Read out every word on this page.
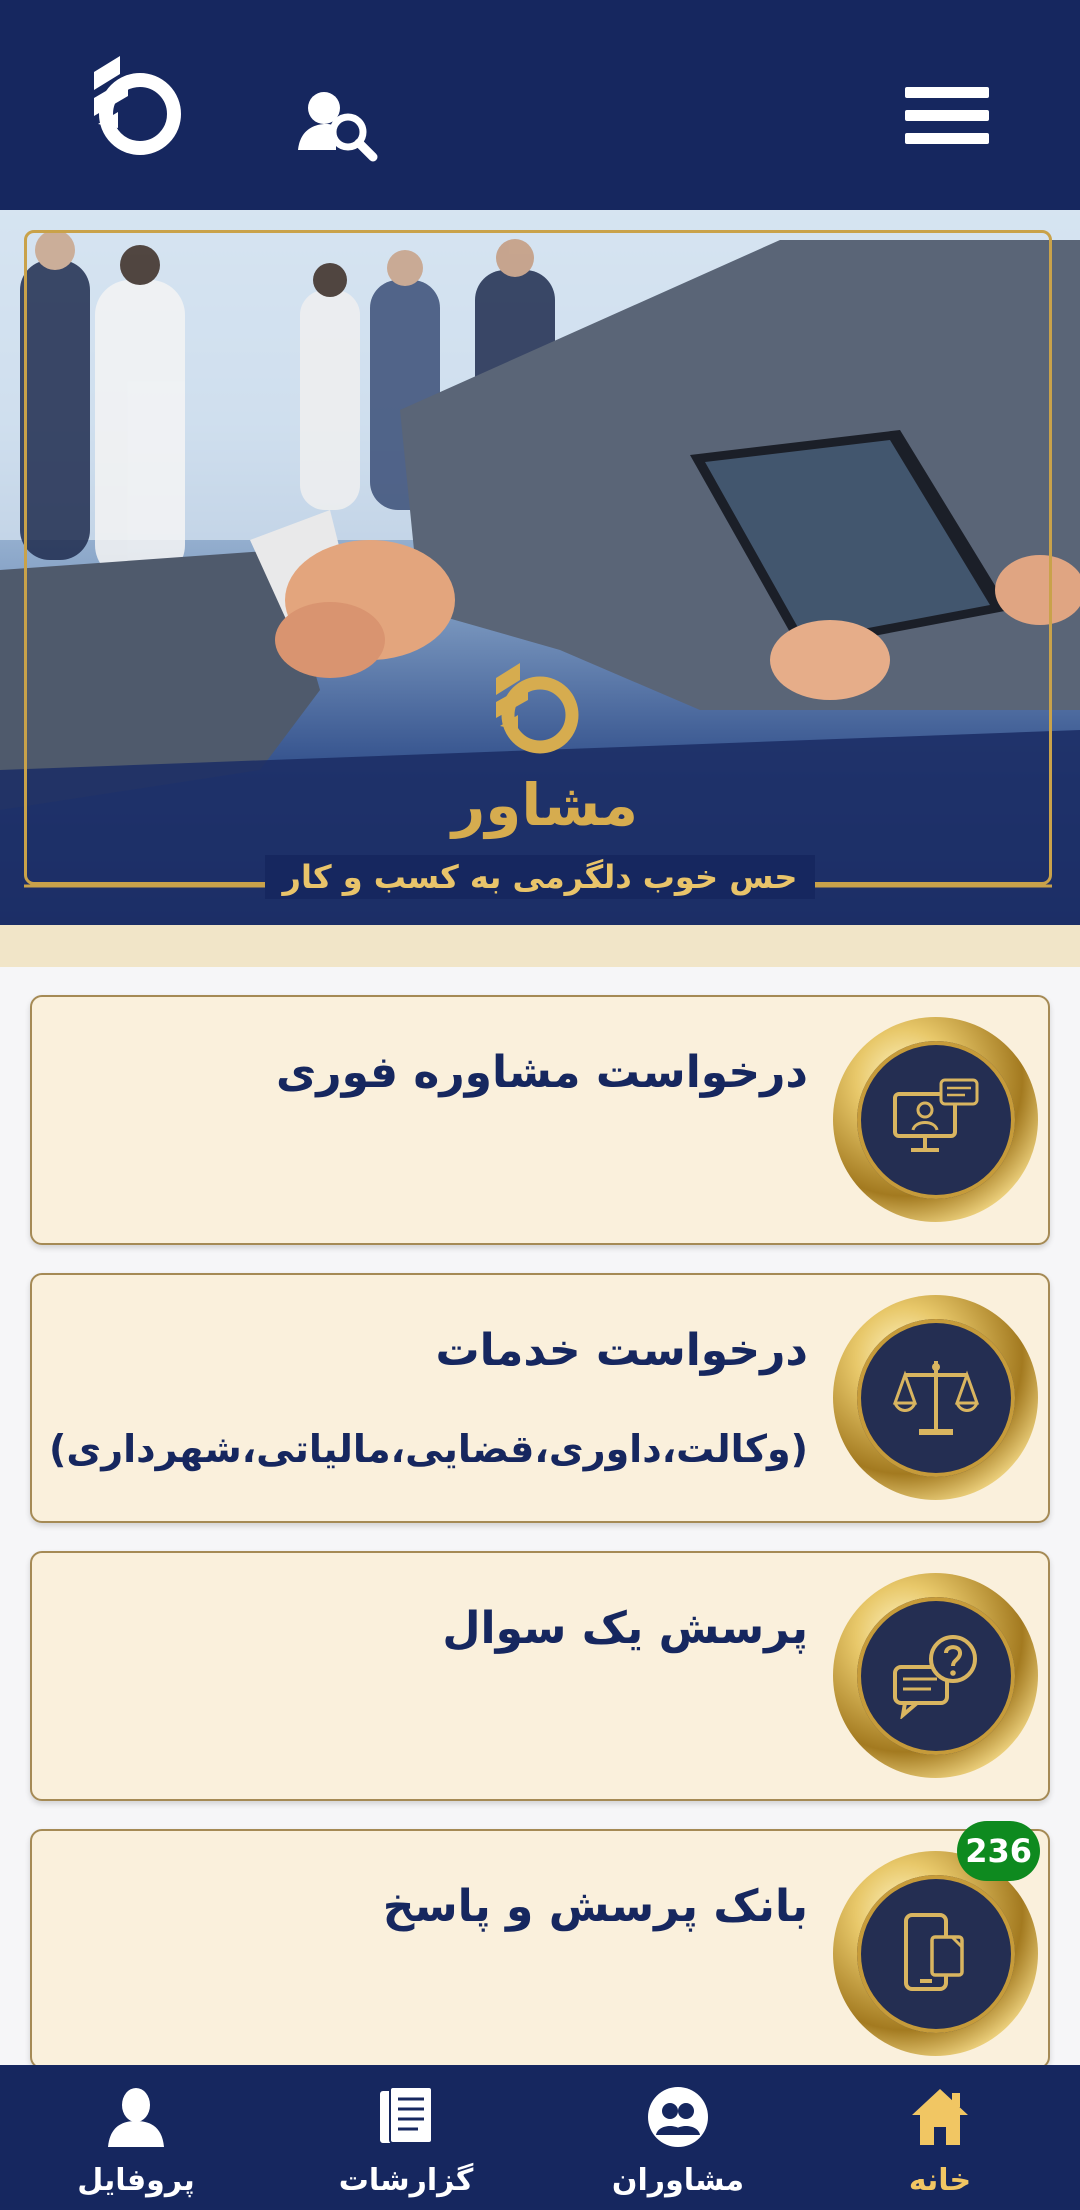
مشاور
حس خوب دلگرمی به کسب و کار
درخواست مشاوره فوری
درخواست خدمات
(وکالت،داوری،قضایی،مالیاتی،شهرداری)
پرسش یک سوال
بانک پرسش و پاسخ
236
خانه
مشاوران
گزارشات
پروفایل
